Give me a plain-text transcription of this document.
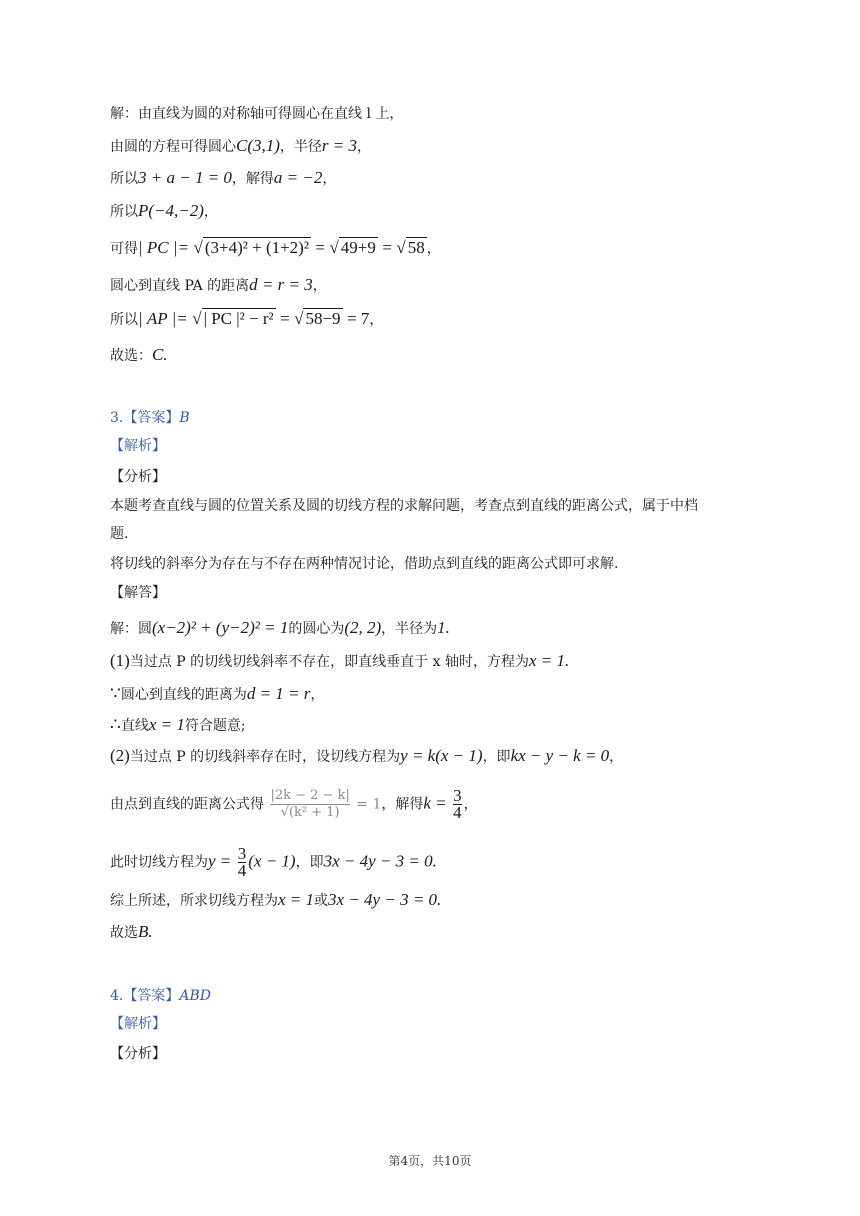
解：由直线为圆的对称轴可得圆心在直线 l 上，
由圆的方程可得圆心C(3,1)，半径r = 3，
所以3 + a − 1 = 0，解得a = −2，
所以P(−4,−2)，
可得| PC |= √ (3+4)² + (1+2)² = √ 49+9 = √ 58 ，
圆心到直线 PA 的距离d = r = 3，
所以| AP |= √ | PC |² − r² = √ 58−9 = 7，
故选：C.
3.【答案】B
【解析】
【分析】
本题考查直线与圆的位置关系及圆的切线方程的求解问题，考查点到直线的距离公式，属于中档
题.
将切线的斜率分为存在与不存在两种情况讨论，借助点到直线的距离公式即可求解.
【解答】
解：圆(x−2)² + (y−2)² = 1的圆心为(2, 2)，半径为1.
(1)当过点 P 的切线切线斜率不存在，即直线垂直于 x 轴时，方程为x = 1.
∵圆心到直线的距离为d = 1 = r，
∴直线x = 1符合题意;
(2)当过点 P 的切线斜率存在时，设切线方程为y = k(x − 1)，即kx − y − k = 0，
由点到直线的距离公式得 $\frac{|2k - 2 - k|}{\text{√(k² + 1)}} = 1$，解得$k = \frac{3}{4}$ ，
此时切线方程为$y = \frac{3}{4} (x - 1)$，即3x − 4y − 3 = 0.
综上所述，所求切线方程为x = 1或3x − 4y − 3 = 0.
故选B.
4.【答案】ABD
【解析】
【分析】
第4页，共10页
